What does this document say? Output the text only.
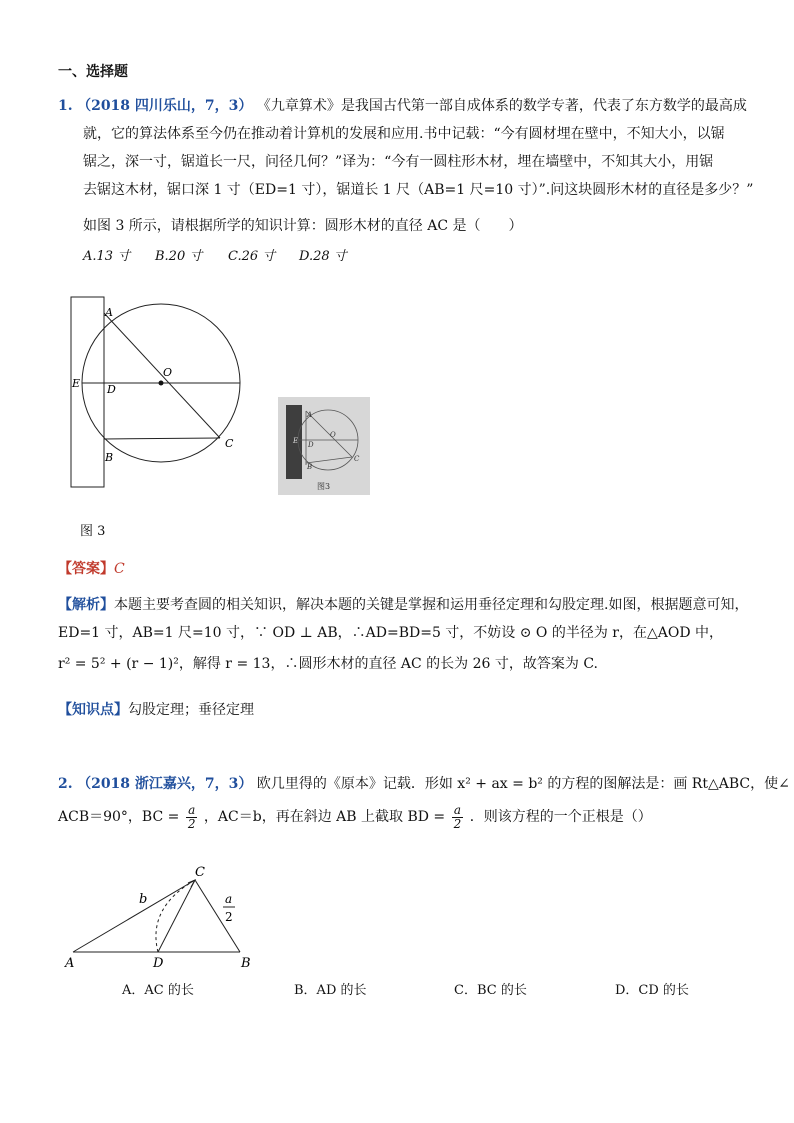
一、选择题
1. （2018 四川乐山，7，3） 《九章算术》是我国古代第一部自成体系的数学专著，代表了东方数学的最高成
就，它的算法体系至今仍在推动着计算机的发展和应用.书中记载：“今有圆材埋在壁中，不知大小，以锯
锯之，深一寸，锯道长一尺，问径几何？”译为：“今有一圆柱形木材，埋在墙壁中，不知其大小，用锯
去锯这木材，锯口深 1 寸（ED=1 寸），锯道长 1 尺（AB=1 尺=10 寸）”.问这块圆形木材的直径是多少？”
如图 3 所示，请根据所学的知识计算：圆形木材的直径 AC 是（　　）
A.13 寸 B.20 寸 C.26 寸 D.28 寸
A
O
E D
C
B
A
O
E D
C
B
图3
图 3
【答案】C
【解析】本题主要考查圆的相关知识，解决本题的关键是掌握和运用垂径定理和勾股定理.如图，根据题意可知，
ED=1 寸，AB=1 尺=10 寸，∵ OD ⊥ AB，∴AD=BD=5 寸，不妨设 ⊙ O 的半径为 r，在△AOD 中，
r² = 5² + (r − 1)²，解得 r = 13，∴圆形木材的直径 AC 的长为 26 寸，故答案为 C.
【知识点】勾股定理；垂径定理
2. （2018 浙江嘉兴，7，3） 欧几里得的《原本》记载．形如 x² + ax = b² 的方程的图解法是：画 Rt△ABC，使∠
ACB＝90°，BC = $\frac{a}{2}$ ，AC＝b，再在斜边 AB 上截取 BD = $\frac{a}{2}$ ．则该方程的一个正根是（）
C
b	a
2
A	D	B
A．AC 的长	B．AD 的长	C．BC 的长	D．CD 的长
